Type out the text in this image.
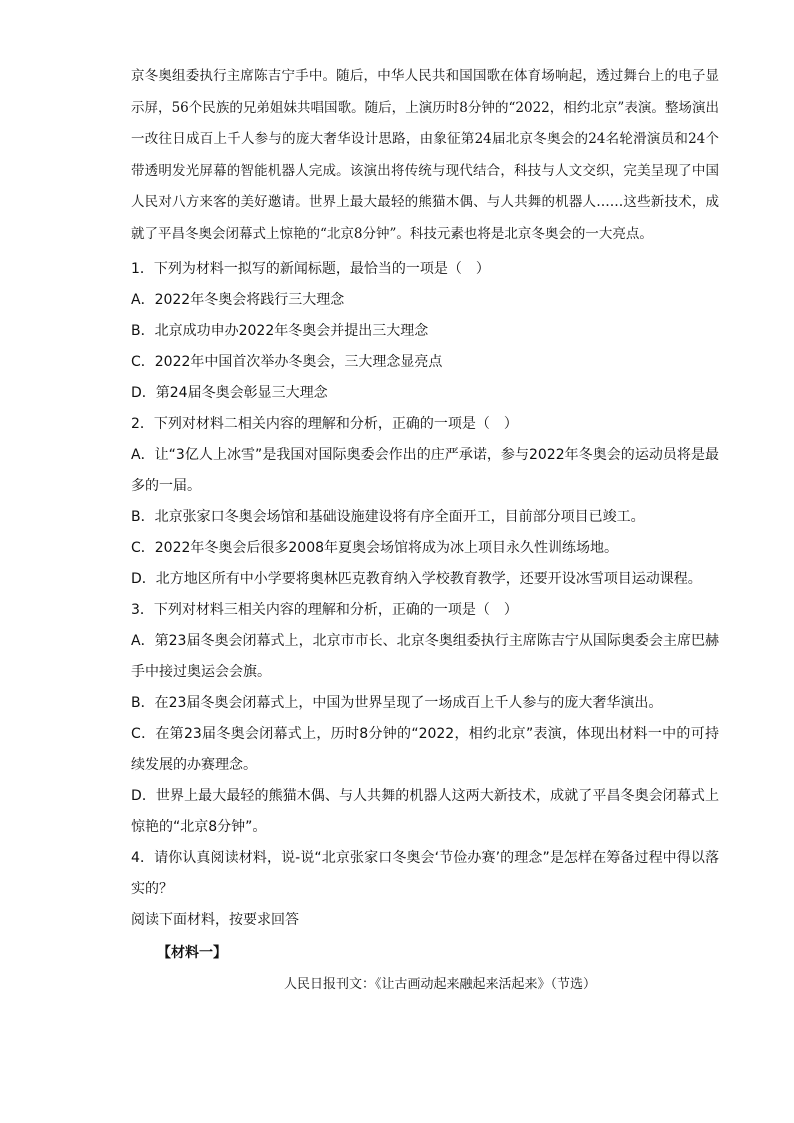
京冬奥组委执行主席陈吉宁手中。随后，中华人民共和国国歌在体育场响起，透过舞台上的电子显示屏，56个民族的兄弟姐妹共唱国歌。随后，上演历时8分钟的“2022，相约北京”表演。整场演出一改往日成百上千人参与的庞大奢华设计思路，由象征第24届北京冬奥会的24名轮滑演员和24个带透明发光屏幕的智能机器人完成。该演出将传统与现代结合，科技与人文交织，完美呈现了中国人民对八方来客的美好邀请。世界上最大最轻的熊猫木偶、与人共舞的机器人……这些新技术，成就了平昌冬奥会闭幕式上惊艳的“北京8分钟”。科技元素也将是北京冬奥会的一大亮点。

1．下列为材料一拟写的新闻标题，最恰当的一项是（　）

A．2022年冬奥会将践行三大理念

B．北京成功申办2022年冬奥会并提出三大理念

C．2022年中国首次举办冬奥会，三大理念显亮点

D．第24届冬奥会彰显三大理念

2．下列对材料二相关内容的理解和分析，正确的一项是（　）

A．让“3亿人上冰雪”是我国对国际奥委会作出的庄严承诺，参与2022年冬奥会的运动员将是最多的一届。

B．北京张家口冬奥会场馆和基础设施建设将有序全面开工，目前部分项目已竣工。

C．2022年冬奥会后很多2008年夏奥会场馆将成为冰上项目永久性训练场地。

D．北方地区所有中小学要将奥林匹克教育纳入学校教育教学，还要开设冰雪项目运动课程。

3．下列对材料三相关内容的理解和分析，正确的一项是（　）

A．第23届冬奥会闭幕式上，北京市市长、北京冬奥组委执行主席陈吉宁从国际奥委会主席巴赫手中接过奥运会会旗。

B．在23届冬奥会闭幕式上，中国为世界呈现了一场成百上千人参与的庞大奢华演出。

C．在第23届冬奥会闭幕式上，历时8分钟的“2022，相约北京”表演，体现出材料一中的可持续发展的办赛理念。

D．世界上最大最轻的熊猫木偶、与人共舞的机器人这两大新技术，成就了平昌冬奥会闭幕式上惊艳的“北京8分钟”。

4．请你认真阅读材料，说-说“北京张家口冬奥会‘节俭办赛’的理念”是怎样在筹备过程中得以落实的？

阅读下面材料，按要求回答

【材料一】

人民日报刊文：《让古画动起来融起来活起来》（节选）
